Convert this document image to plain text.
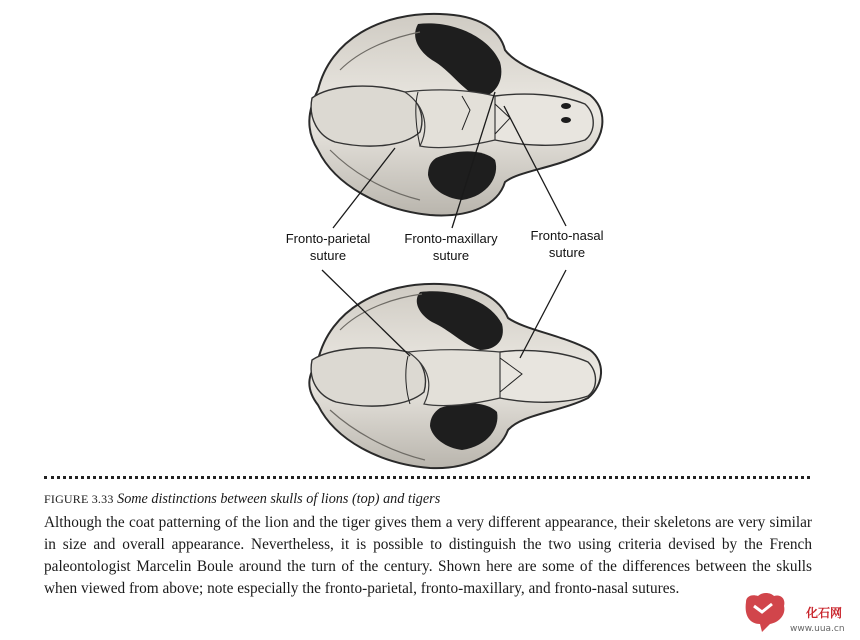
Fronto-parietal
suture
Fronto-maxillary
suture
Fronto-nasal
suture
FIGURE 3.33 Some distinctions between skulls of lions (top) and tigers
Although the coat patterning of the lion and the tiger gives them a very different appearance, their skeletons are very similar in size and overall appearance. Nevertheless, it is possible to distinguish the two using criteria devised by the French paleontologist Marcelin Boule around the turn of the century. Shown here are some of the differences between the skulls when viewed from above; note especially the fronto-parietal, fronto-maxillary, and fronto-nasal sutures.
化石网
www.uua.cn
